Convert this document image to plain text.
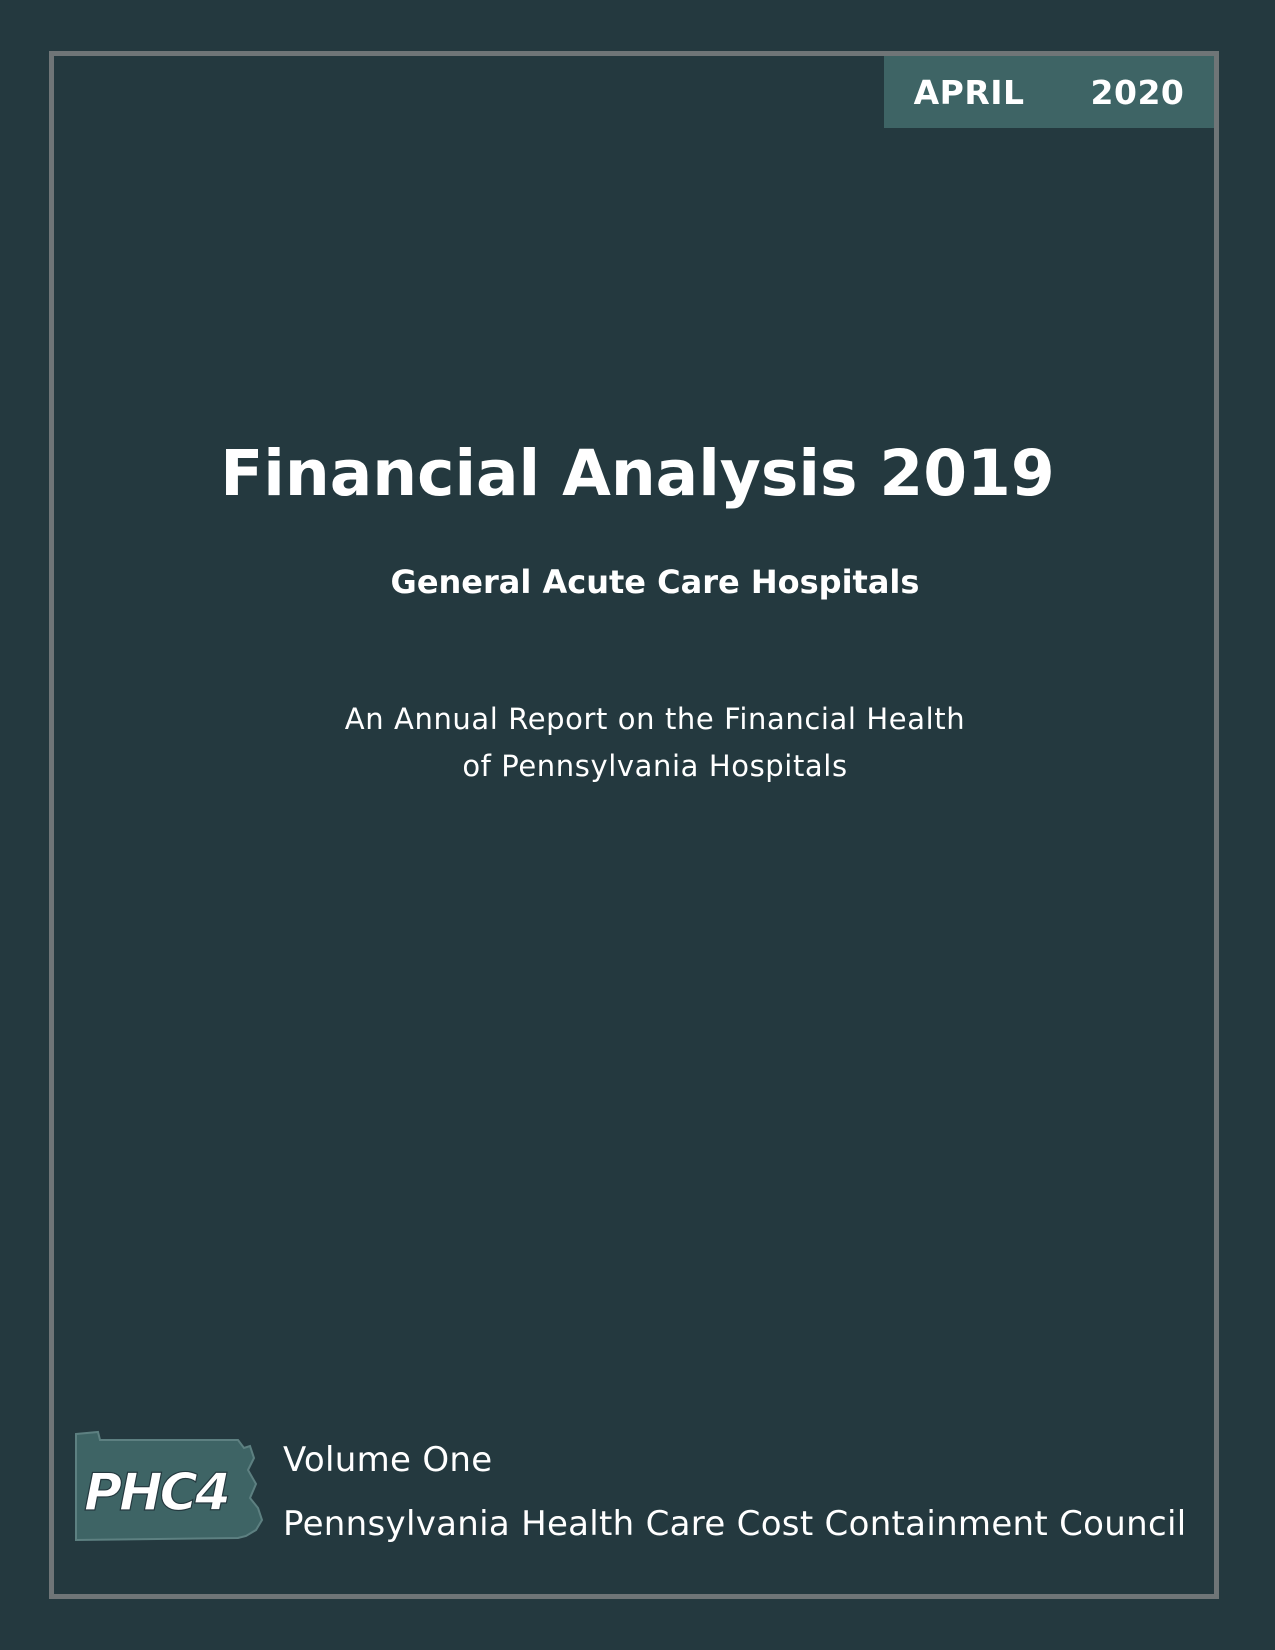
APRIL
2020
Financial Analysis 2019
General Acute Care Hospitals
An Annual Report on the Financial Health
of Pennsylvania Hospitals
PHC4
Volume One
Pennsylvania Health Care Cost Containment Council
